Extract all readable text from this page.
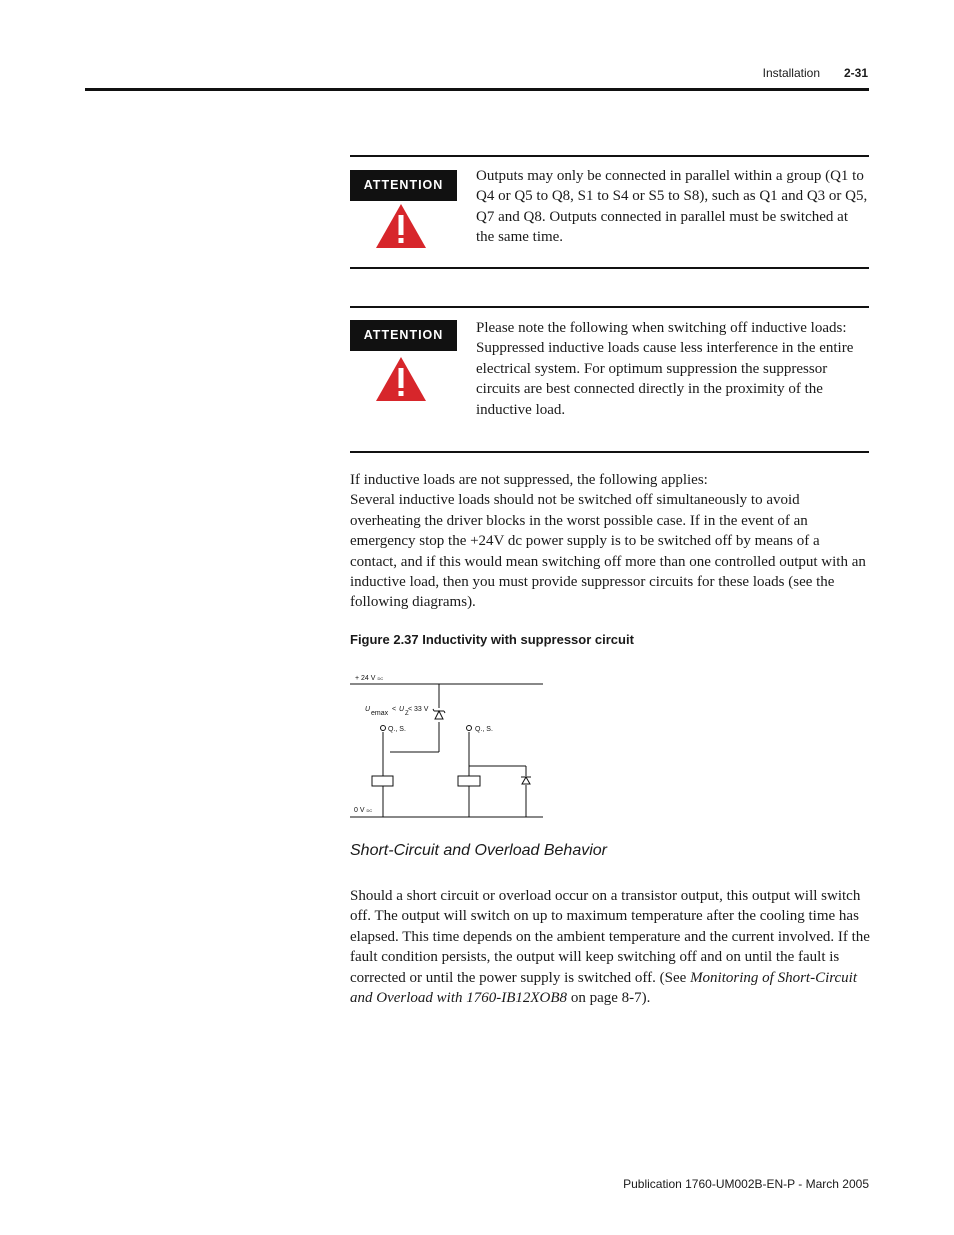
Installation 2-31
ATTENTION

Outputs may only be connected in parallel within a group (Q1 to Q4 or Q5 to Q8, S1 to S4 or S5 to S8), such as Q1 and Q3 or Q5, Q7 and Q8. Outputs connected in parallel must be switched at the same time.

ATTENTION	Please note the following when switching off inductive loads:

Suppressed inductive loads cause less interference in the entire electrical system. For optimum suppression the suppressor circuits are best connected directly in the proximity of the inductive load.

If inductive loads are not suppressed, the following applies:

Several inductive loads should not be switched off simultaneously to avoid overheating the driver blocks in the worst possible case. If in the event of an emergency stop the +24V dc power supply is to be switched off by means of a contact, and if this would mean switching off more than one controlled output with an inductive load, then you must provide suppressor circuits for these loads (see the following diagrams).

Figure 2.37 Inductivity with suppressor circuit
+ 24 V DC
0 V DC
U
emax
< U
Z
< 33 V
Q., S.	Q., S.
Short-Circuit and Overload Behavior

Should a short circuit or overload occur on a transistor output, this output will switch off. The output will switch on up to maximum temperature after the cooling time has elapsed. This time depends on the ambient temperature and the current involved. If the fault condition persists, the output will keep switching off and on until the fault is corrected or until the power supply is switched off. (See Monitoring of Short-Circuit and Overload with 1760-IB12XOB8 on page 8-7).

Publication 1760-UM002B-EN-P - March 2005
